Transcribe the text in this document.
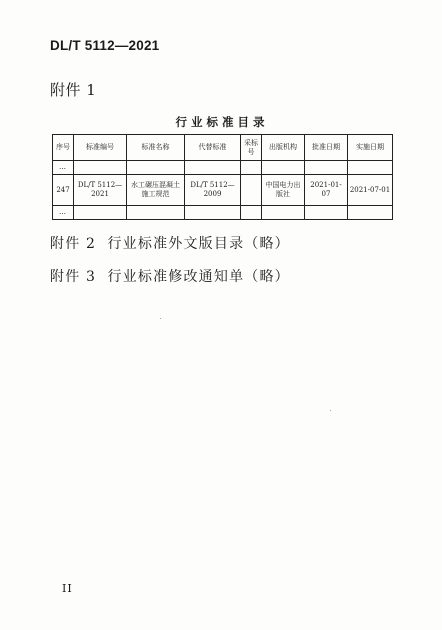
DL/T 5112—2021
附件 1
行业标准目录
序号	标准编号	标准名称	代替标准	采标号	出版机构	批准日期	实施日期
…							
247	DL/T 5112—2021	水工碾压混凝土施工规范	DL/T 5112—2009		中国电力出版社	2021-01-07	2021-07-01
…							
附件 2 行业标准外文版目录（略）
附件 3 行业标准修改通知单（略）
II
